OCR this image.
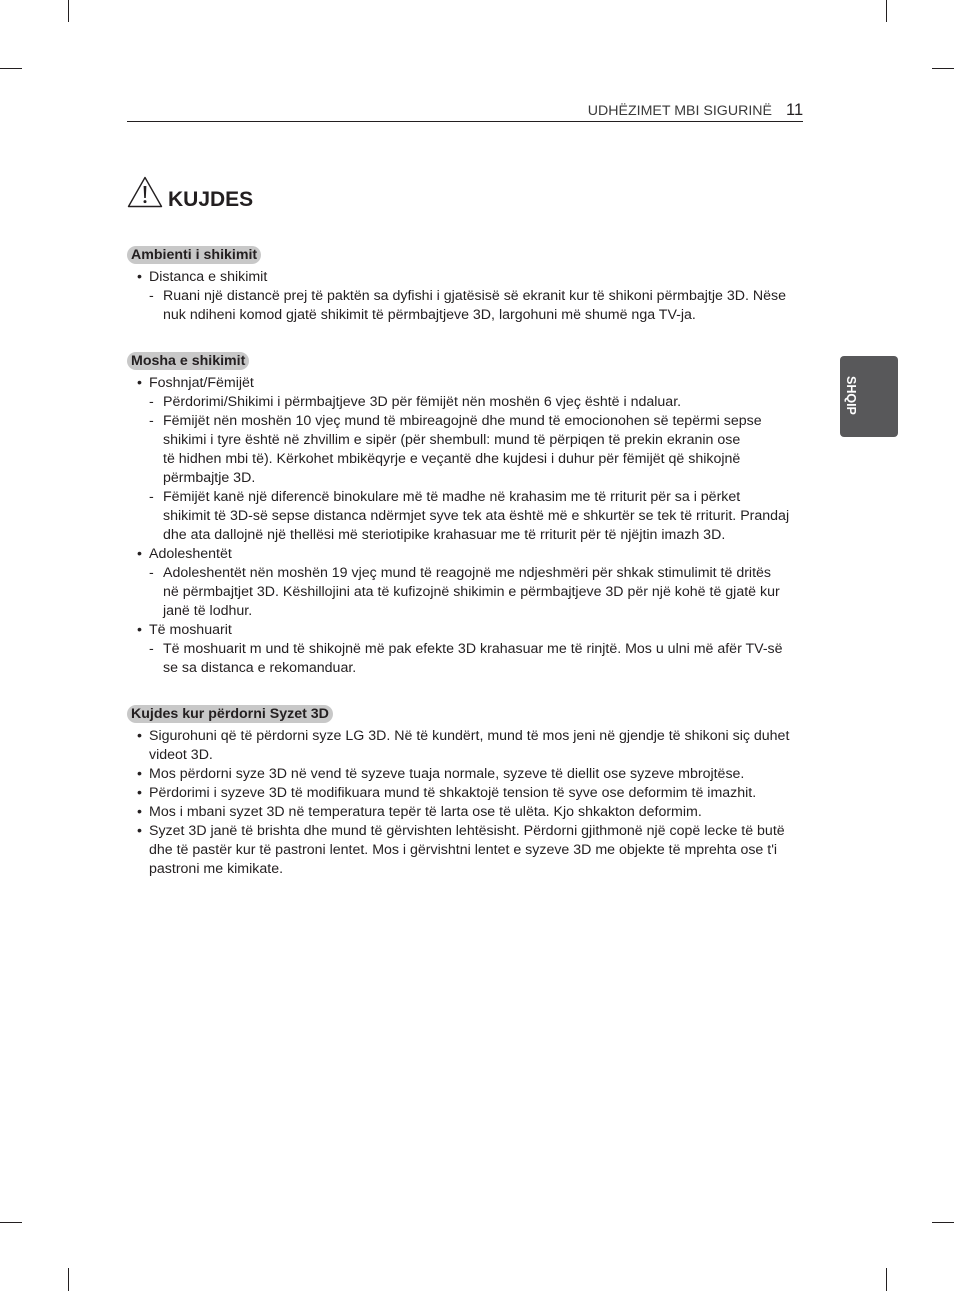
UDHËZIMET MBI SIGURINË 11
SHQIP
KUJDES
Ambienti i shikimit
• Distanca e shikimit
- Ruani një distancë prej të paktën sa dyfishi i gjatësisë së ekranit kur të shikoni përmbajtje 3D. Nëse
nuk ndiheni komod gjatë shikimit të përmbajtjeve 3D, largohuni më shumë nga TV-ja.
Mosha e shikimit
• Foshnjat/Fëmijët
- Përdorimi/Shikimi i përmbajtjeve 3D për fëmijët nën moshën 6 vjeç është i ndaluar.
- Fëmijët nën moshën 10 vjeç mund të mbireagojnë dhe mund të emocionohen së tepërmi sepse
shikimi i tyre është në zhvillim e sipër (për shembull: mund të përpiqen të prekin ekranin ose
të hidhen mbi të). Kërkohet mbikëqyrje e veçantë dhe kujdesi i duhur për fëmijët që shikojnë
përmbajtje 3D.
- Fëmijët kanë një diferencë binokulare më të madhe në krahasim me të rriturit për sa i përket
shikimit të 3D-së sepse distanca ndërmjet syve tek ata është më e shkurtër se tek të rriturit. Prandaj
dhe ata dallojnë një thellësi më steriotipike krahasuar me të rriturit për të njëjtin imazh 3D.
• Adoleshentët
- Adoleshentët nën moshën 19 vjeç mund të reagojnë me ndjeshmëri për shkak stimulimit të dritës
në përmbajtjet 3D. Këshillojini ata të kufizojnë shikimin e përmbajtjeve 3D për një kohë të gjatë kur
janë të lodhur.
• Të moshuarit
- Të moshuarit m und të shikojnë më pak efekte 3D krahasuar me të rinjtë. Mos u ulni më afër TV-së
se sa distanca e rekomanduar.
Kujdes kur përdorni Syzet 3D
• Sigurohuni që të përdorni syze LG 3D. Në të kundërt, mund të mos jeni në gjendje të shikoni siç duhet
videot 3D.
• Mos përdorni syze 3D në vend të syzeve tuaja normale, syzeve të diellit ose syzeve mbrojtëse.
• Përdorimi i syzeve 3D të modifikuara mund të shkaktojë tension të syve ose deformim të imazhit.
• Mos i mbani syzet 3D në temperatura tepër të larta ose të ulëta. Kjo shkakton deformim.
• Syzet 3D janë të brishta dhe mund të gërvishten lehtësisht. Përdorni gjithmonë një copë lecke të butë
dhe të pastër kur të pastroni lentet. Mos i gërvishtni lentet e syzeve 3D me objekte të mprehta ose t'i
pastroni me kimikate.
